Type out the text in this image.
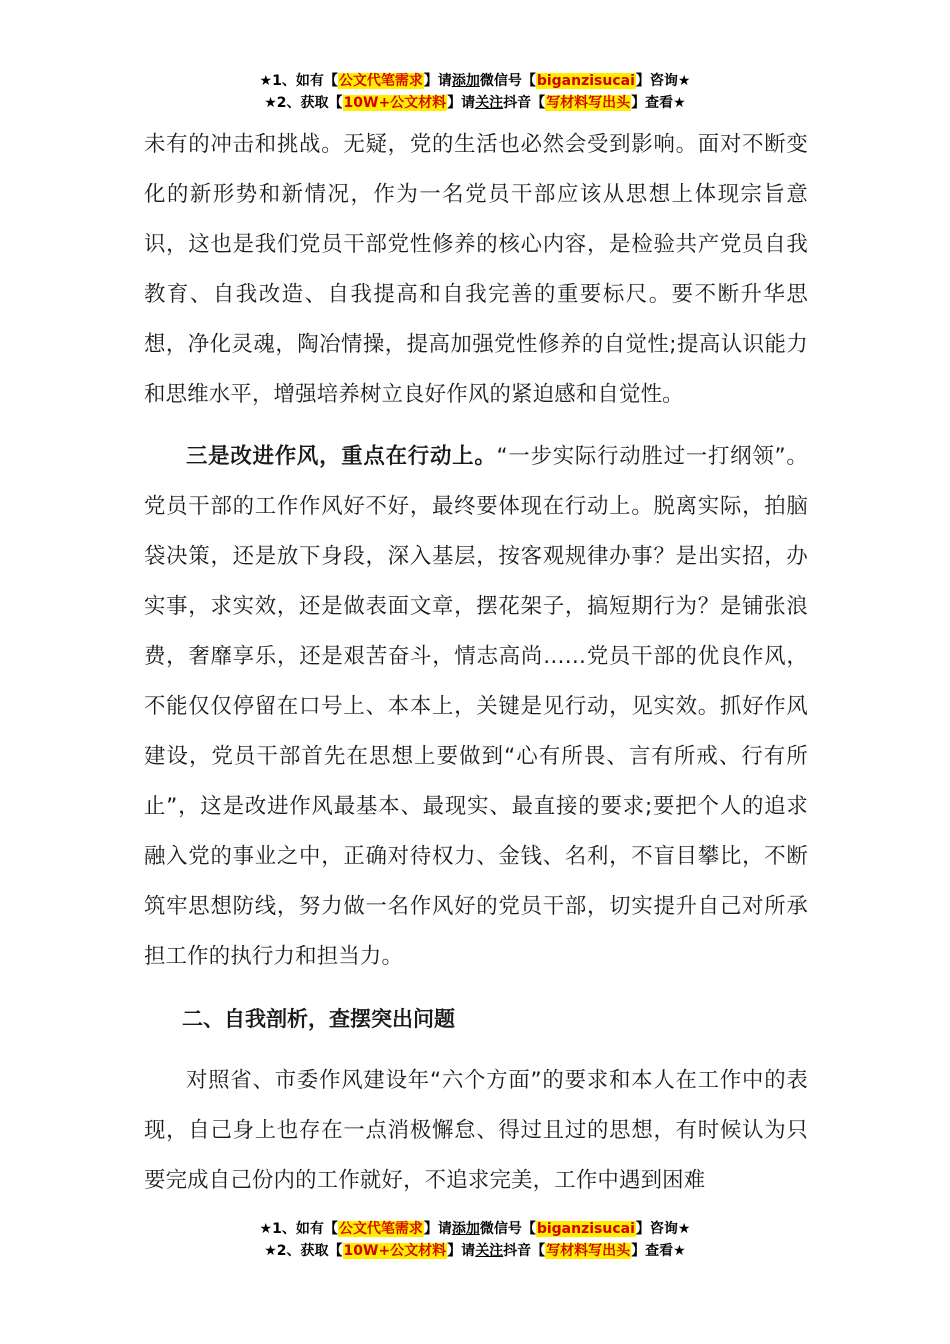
★1、如有【公文代笔需求】请添加微信号【biganzisucai】咨询★
★2、获取【10W+公文材料】请关注抖音【写材料写出头】查看★

未有的冲击和挑战。无疑，党的生活也必然会受到影响。面对不断变化的新形势和新情况，作为一名党员干部应该从思想上体现宗旨意识，这也是我们党员干部党性修养的核心内容，是检验共产党员自我教育、自我改造、自我提高和自我完善的重要标尺。要不断升华思想，净化灵魂，陶冶情操，提高加强党性修养的自觉性;提高认识能力和思维水平，增强培养树立良好作风的紧迫感和自觉性。

三是改进作风，重点在行动上。“一步实际行动胜过一打纲领”。党员干部的工作作风好不好，最终要体现在行动上。脱离实际，拍脑袋决策，还是放下身段，深入基层，按客观规律办事？是出实招，办实事，求实效，还是做表面文章，摆花架子，搞短期行为？是铺张浪费，奢靡享乐，还是艰苦奋斗，情志高尚……党员干部的优良作风，不能仅仅停留在口号上、本本上，关键是见行动，见实效。抓好作风建设，党员干部首先在思想上要做到“心有所畏、言有所戒、行有所止”，这是改进作风最基本、最现实、最直接的要求;要把个人的追求融入党的事业之中，正确对待权力、金钱、名利，不盲目攀比，不断筑牢思想防线，努力做一名作风好的党员干部，切实提升自己对所承担工作的执行力和担当力。

二、自我剖析，查摆突出问题

对照省、市委作风建设年“六个方面”的要求和本人在工作中的表现，自己身上也存在一点消极懈怠、得过且过的思想，有时候认为只要完成自己份内的工作就好，不追求完美，工作中遇到困难

★1、如有【公文代笔需求】请添加微信号【biganzisucai】咨询★
★2、获取【10W+公文材料】请关注抖音【写材料写出头】查看★
